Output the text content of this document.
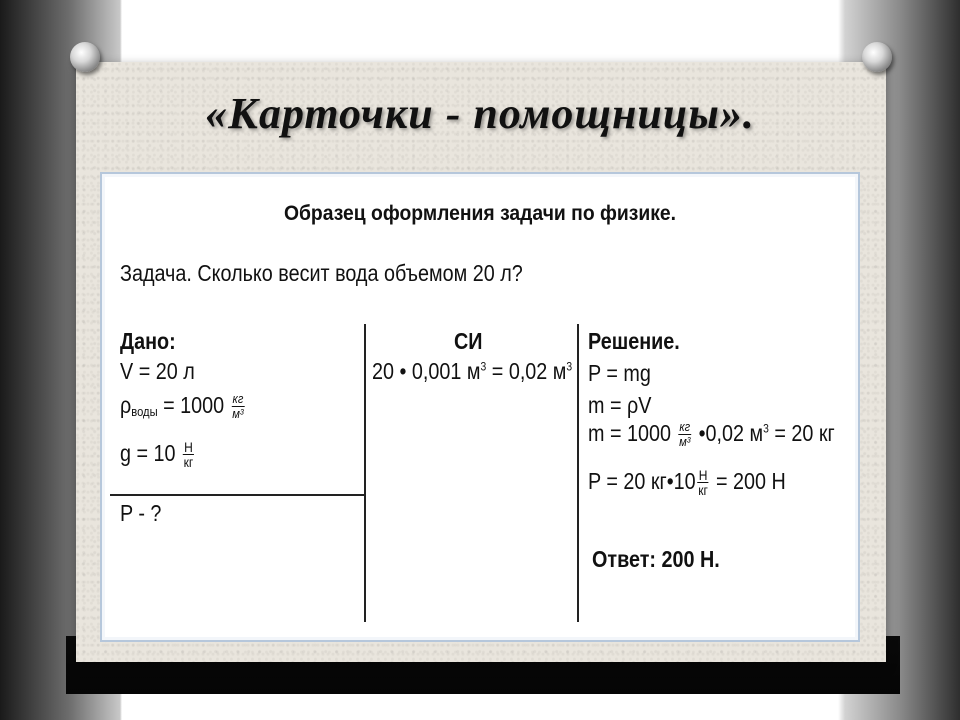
«Карточки - помощницы».
Образец оформления задачи по физике.
Задача. Сколько весит вода объемом 20 л?
Дано:
V = 20 л
$\rho_{воды} = 1000 \frac{кг}{\text{м³}}$
$g = 10 \frac{Н}{кг}$
P - ?
СИ
20 • 0,001 $м^3 = 0,02$ $м^3$
Решение.
P = mg
m = ρV
$m = 1000 \frac{кг}{\text{м³}}$ •0,02 $м^3 = 20$ кг
P = 20 кг•10 $\frac{Н}{кг} = 200$ Н
Ответ: 200 Н.
